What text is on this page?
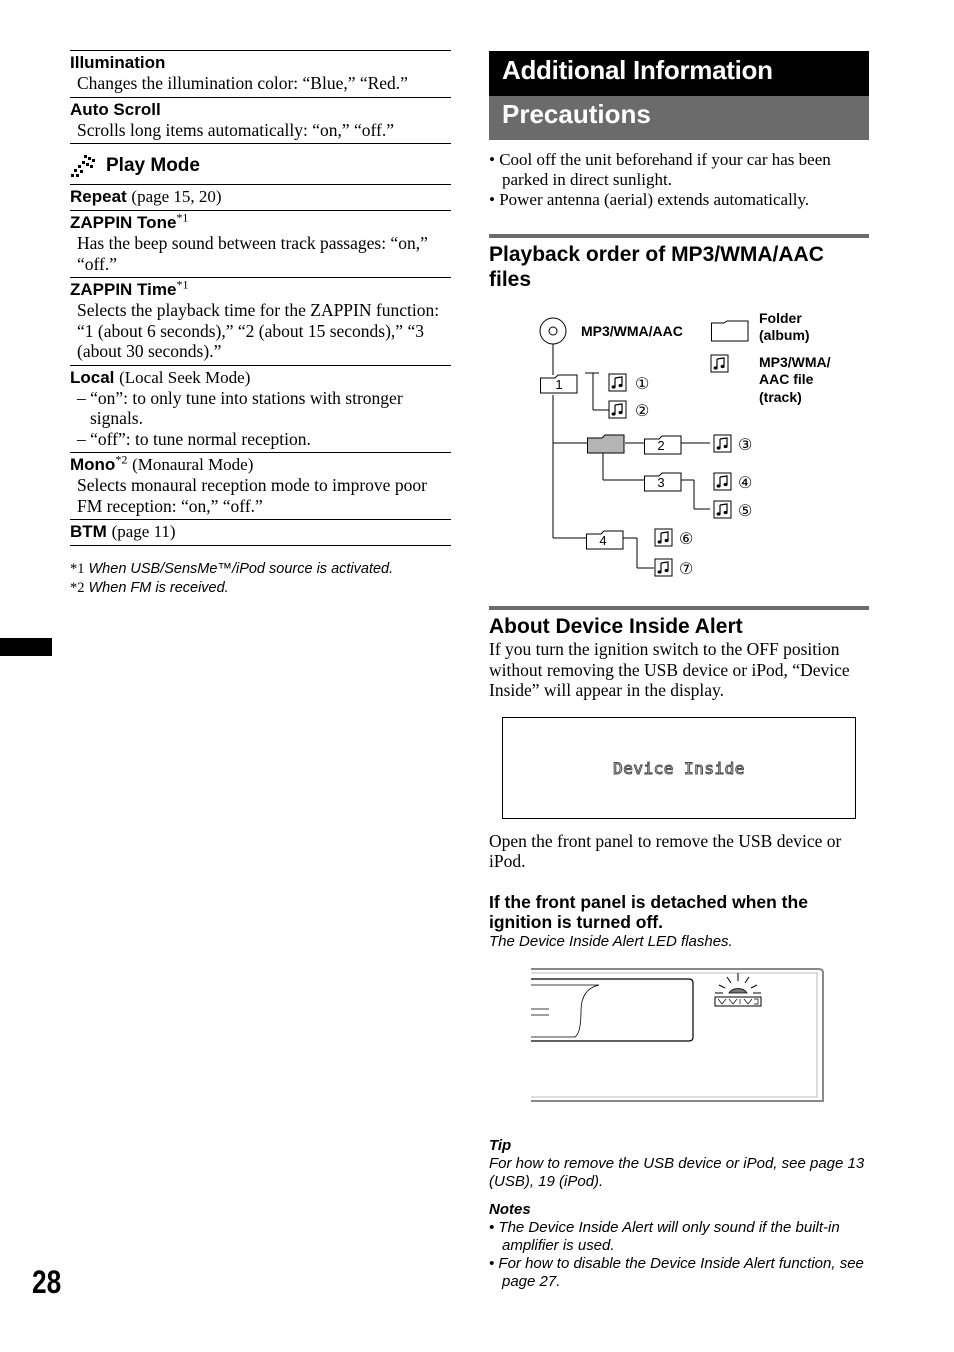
Illumination
Changes the illumination color: “Blue,” “Red.”
Auto Scroll
Scrolls long items automatically: “on,” “off.”
Play Mode
Repeat (page 15, 20)
ZAPPIN Tone$^{*1}$
Has the beep sound between track passages: “on,” “off.”
ZAPPIN Time$^{*1}$
Selects the playback time for the ZAPPIN function: “1 (about 6 seconds),” “2 (about 15 seconds),” “3 (about 30 seconds).”
Local (Local Seek Mode)
– “on”: to only tune into stations with stronger signals.
– “off”: to tune normal reception.
Mono$^{*2}$ (Monaural Mode)
Selects monaural reception mode to improve poor FM reception: “on,” “off.”
BTM (page 11)
*1 When USB/SensMe™/iPod source is activated.
*2 When FM is received.
Additional Information
Precautions
• Cool off the unit beforehand if your car has been parked in direct sunlight.
• Power antenna (aerial) extends automatically.
Playback order of MP3/WMA/AAC files
MP3/WMA/AAC
Folder
(album)
MP3/WMA/
AAC file
(track)
1
2
3
4
①
②
③
④
⑤
⑥
⑦
About Device Inside Alert
If you turn the ignition switch to the OFF position without removing the USB device or iPod, “Device Inside” will appear in the display.
Device Inside
Open the front panel to remove the USB device or iPod.
If the front panel is detached when the ignition is turned off.
The Device Inside Alert LED flashes.
Tip
For how to remove the USB device or iPod, see page 13 (USB), 19 (iPod).
Notes
• The Device Inside Alert will only sound if the built-in amplifier is used.
• For how to disable the Device Inside Alert function, see page 27.
28
